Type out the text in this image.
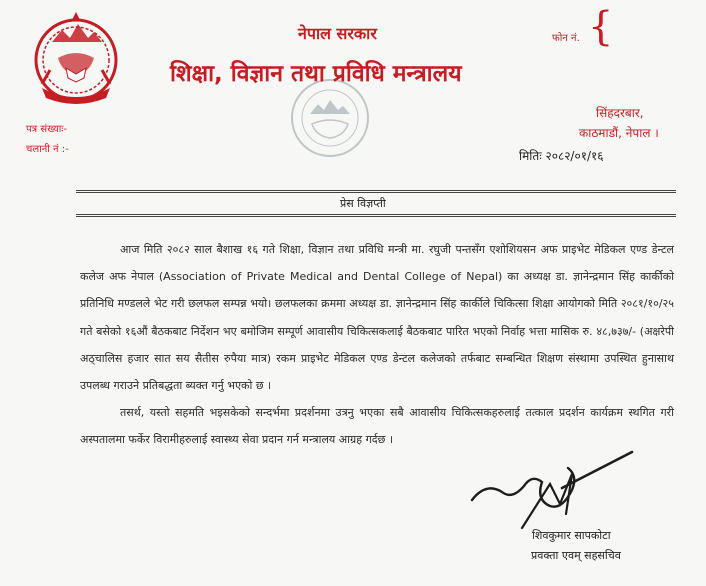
नेपाल सरकार
शिक्षा, विज्ञान तथा प्रविधि मन्त्रालय
फोन नं. {
पत्र संख्याः-
चलानी नं :-
सिंहदरबार,
काठमाडौं, नेपाल ।
मितिः २०८२/०१/१६
प्रेस विज्ञप्ती

आज मिति २०८२ साल बैशाख १६ गते शिक्षा, विज्ञान तथा प्रविधि मन्त्री मा. रघुजी पन्तसँग एशोशियसन अफ प्राइभेट मेडिकल एण्ड डेन्टल कलेज अफ नेपाल (Association of Private Medical and Dental College of Nepal) का अध्यक्ष डा. ज्ञानेन्द्रमान सिंह कार्कीको प्रतिनिधि मण्डलले भेट गरी छलफल सम्पन्न भयो। छलफलका क्रममा अध्यक्ष डा. ज्ञानेन्द्रमान सिंह कार्कीले चिकित्सा शिक्षा आयोगको मिति २०८१/१०/२५ गते बसेको १६औं बैठकबाट निर्देशन भए बमोजिम सम्पूर्ण आवासीय चिकित्सकलाई बैठकबाट पारित भएको निर्वाह भत्ता मासिक रु. ४८,७३७/- (अक्षरेपी अठ्चालिस हजार सात सय सैतीस रुपैया मात्र) रकम प्राइभेट मेडिकल एण्ड डेन्टल कलेजको तर्फबाट सम्बन्धित शिक्षण संस्थामा उपस्थित हुनासाथ उपलब्ध गराउने प्रतिबद्धता ब्यक्त गर्नु भएको छ ।

तसर्थ, यस्तो सहमति भइसकेको सन्दर्भमा प्रदर्शनमा उत्रनु भएका सबै आवासीय चिकित्सकहरुलाई तत्काल प्रदर्शन कार्यक्रम स्थगित गरी अस्पतालमा फर्केर विरामीहरुलाई स्वास्थ्य सेवा प्रदान गर्न मन्त्रालय आग्रह गर्दछ ।

शिवकुमार सापकोटा
प्रवक्ता एवम् सहसचिव
